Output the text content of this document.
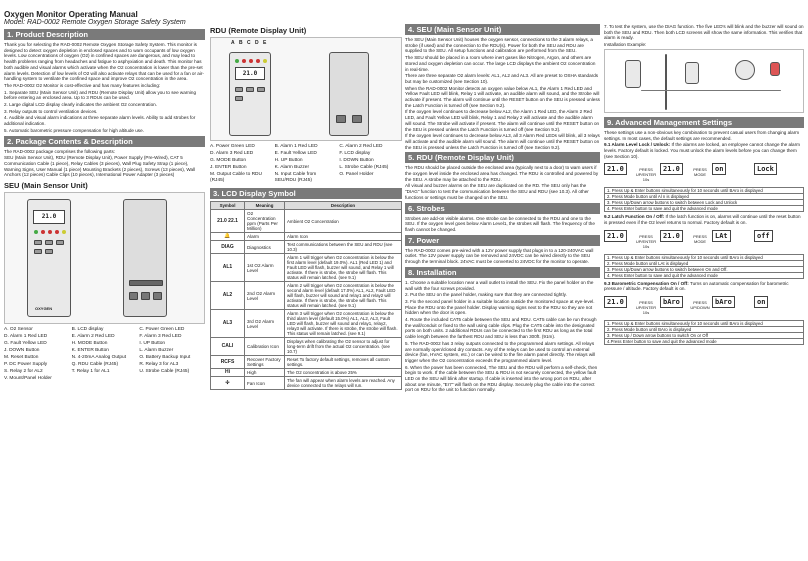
Oxygen Monitor Operating Manual
Model: RAD-0002 Remote Oxygen Storage Safety System
1. Product Description
Thank you for selecting the RAD-0002 Remote Oxygen Storage Safety System. This monitor is designed to detect oxygen depletion in enclosed spaces and to warn occupants of low oxygen levels. Low concentrations of oxygen (O2) in confined spaces are dangerous, and may lead to health problems ranging from headaches and fatigue to asphyxiation and death. This monitor has both audible and visual alarms which activate when the O2 concentration is lower than the pre-set alarm levels. Detection of low levels of O2 will also activate relays that can be used for a fan or air-handling system to ventilate the confined space and improve O2 concentration in the area.
The RAD-0002 O2 Monitor is cost-effective and has many features including:
1. Separate SEU (Main Sensor Unit) and RDU (Remote Display Unit) allow you to see warning before entering an enclosed area. Up to 3 RDUs can be used.
2. Large digital LCD display clearly indicates the ambient O2 concentration.
3. Relay outputs to control ventilation devices.
4. Audible and visual alarm indications at three separate alarm levels. Ability to add strobes for additional indication.
5. Automatic barometric pressure compensation for high altitude use.
2. Package Contents & Description
The RAD-0002 package comprises the following parts:
SEU (Main Sensor Unit), RDU (Remote Display Unit), Power Supply (Pre-Wired), CAT 5 Communication Cable (1 piece), Relay Cables (3 pieces), Wall Plug Safety Strap (1 piece), Warning Signs, User Manual (1 piece) Mounting Brackets (2 pieces), Screws (13 pieces), Wall Anchors (12 pieces) Cable Clips (10 pieces), International Power Adapter (3 pieces)
SEU (Main Sensor Unit)
21.0
OXYGEN
A. O2 Sensor	B. LCD display	C. Power Green LED
D. Alarm 1 Red LED	E. Alarm 2 Red LED	F. Alarm 3 Red LED
G. Fault Yellow LED	H. MODE Button	I. UP Button
J. DOWN Button	K. ENTER Button	L. Alarm Buzzer
M. Reset Button	N. 4-20mA Analog Output	O. Battery Backup Input
P. DC Power Supply	Q. RDU Cable (RJ45)	R. Relay 3 for AL3
S. Relay 2 for AL2	T. Relay 1 for AL1	U. Strobe Cable (RJ45)
V. Mount/Panel Holder
RDU (Remote Display Unit)
21.0
A B C D E
A. Power Green LED	B. Alarm 1 Red LED	C. Alarm 2 Red LED
D. Alarm 3 Red LED	E. Fault Yellow LED	F. LCD display
G. MODE Button	H. UP Button	I. DOWN Button
J. ENTER Button	K. Alarm Buzzer	L. Strobe Cable (RJ45)
M. Output Cable to RDU (RJ45)
N. Input Cable from SEU/RDU (RJ45)
O. Panel Holder
3. LCD Display Symbol
Symbol	Meaning	Description
21.0 22.1	O2 Concentration ppm (Parts Per Million)	Ambient O2 Concentration
🔔	Alarm	Alarm Icon
DIAG	Diagnostics	Test communications between the SEU and RDU (see 10.3)
AL1	1st O2 Alarm Level	Alarm 1 will trigger when O2 concentration is below the first alarm level (default 19.0%). AL1 (Red LED 1) and Fault LED will flash, buzzer will sound, and Relay 1 will activate. If there is strobe, the strobe will flash. This status will remain latched. (see 9.1)
AL2	2nd O2 Alarm Level	Alarm 2 will trigger when O2 concentration is below the second alarm level (default 17.0%) AL1, AL2, Fault LED will flash, buzzer will sound and relay1 and relay2 will activate. If there is strobe, the strobe will flash. This status will remain latched. (see 9.1)
AL3	3rd O2 Alarm Level	Alarm 3 will trigger when O2 concentration is below the third alarm level (default 15.0%) AL1, AL2, AL3, Fault LED will flash, buzzer will sound and relay1, relay2, relay3 will activate. If there is strobe, the strobe will flash. This status will remain latched. (see 9.1)
CALI	Calibration Icon	Displays when calibrating the O2 sensor to adjust for long-term drift from the actual O2 concentration. (see 10.7)
RCFS	Recover Factory Settings	Reset To factory default settings, removes all custom settings.
Hi	High	The O2 concentration is above 25%
✣	Fan Icon	The fan will appear when alarm levels are reached. Any device connected to the relays will run.
4. SEU (Main Sensor Unit)
The SEU (Main Sensor Unit) houses the oxygen sensor, connections to the 3 alarm relays, a strobe (if used) and the connection to the RDU(s). Power for both the SEU and RDU are supplied to the SEU. All setup functions and calibration are performed from the SEU.
The SEU should be placed in a room where inert gases like Nitrogen, Argon, and others are stored and oxygen depletion can occur. The large LCD displays the ambient O2 concentration in real-time.
There are three separate O2 alarm levels: AL1, AL2 and AL3. All are preset to OSHA standards but may be customized (see Section 10).
When the RAD-0002 Monitor detects an oxygen value below AL1, the Alarm 1 Red LED and Yellow Fault LED will blink, Relay 1 will activate, an audible alarm will sound, and the Strobe will activate if present. The alarm will continue until the RESET button on the SEU is pressed unless the Latch Function is turned off (see Section 9.2).
If the oxygen level continues to decrease below AL2, the Alarm 1 Red LED, the Alarm 2 Red LED, and Fault Yellow LED will blink, Relay 1 and Relay 2 will activate and the audible alarm will sound. The Strobe will activate if present. The alarm will continue until the RESET button on the SEU is pressed unless the Latch Function is turned off (see Section 9.2).
If the oxygen level continues to decrease below AL3, all 3 Alarm Red LEDs will blink, all 3 relays will activate and the audible alarm will sound. The alarm will continue until the RESET button on the SEU is pressed unless the Latch Function is turned off (see Section 9.2).
5. RDU (Remote Display Unit)
The RDU should be placed outside the enclosed area (typically next to a door) to warn users if the oxygen level inside the enclosed area has changed. The RDU is controlled and powered by the SEU. A strobe may be attached to the RDU.
All visual and buzzer alarms on the SEU are duplicated on the RD. The SEU only has the "DIAG" function to test the communication between the SEU and RDU (see 10.3). All other functions or settings must be changed on the SEU.
6. Strobes
Strobes are add-on visible alarms. One strobe can be connected to the RDU and one to the SEU. If the oxygen level goes below Alarm Level1, the strobes will flash. The frequency of the flash cannot be changed.
7. Power
The RAD-0002 comes pre-wired with a 12V power supply that plugs in to a 120-240VAC wall outlet. The 12V power supply can be removed and 24VDC can be wired directly to the SEU through the terminal block. 24VAC must be converted to 24VDC for the monitor to operate.
8. Installation
1. Choose a suitable location near a wall outlet to install the SEU. Fix the panel holder on the wall with the four screws provided.
2. Put the SEU on the panel holder, making sure that they are connected tightly.
3. Fix the second panel holder in a suitable location outside the monitored space at eye-level. Place the RDU onto the panel holder. Display warning signs next to the RDU so they are not hidden when the door is open.
4. Route the included CAT5 cable between the SEU and RDU. CAT5 cable can be run through the wall/conduit or fixed to the wall using cable clips. Plug the CAT5 cable into the designated ports on both units. 2 additional RDUs can be connected to the first RDU as long as the total cable length between the farthest RDU and SEU is less than 300ft. (91m).
5. The RAD-0002 has 3 relay outputs connected to the programmed alarm settings. All relays are normally open/closed dry contacts. Any of the relays can be used to control an external device (fan, HVAC system, etc.) or can be wired to the fire alarm panel directly. The relays will trigger when the O2 concentration exceeds the programmed alarm level.
6. When the power has been connected, The SEU and the RDU will perform a self-check, then begin to work. If the cable between the SEU & RDU is not securely connected, the yellow fault LED on the SEU will blink after startup. If cable is inserted into the wrong port on RDU, after about one minute, "Er7" will flash on the RDU display. Securely plug the cable into the correct port on RDU for the unit to function normally.
7. To test the system, use the DIAG function. The five LED's will blink and the buzzer will sound on both the SEU and RDU. Then both LCD screens will show the same information. This verifies that alarm is ready.
Installation Example:
9. Advanced Management Settings
These settings use a non-obvious key combination to prevent casual users from changing alarm settings. In most cases, the default settings are recommended.
9.1 Alarm Level Lock / Unlock: If the alarms are locked, an employee cannot change the alarm levels. Factory default is locked. You must unlock the alarm levels before you can change them (see Section 10).
21.0	PRESS UP/ENTER 10s
21.0	PRESS MODE
on	Lock
1. Press Up & Enter buttons simultaneously for 10 seconds until BAro is displayed
2. Press Mode button until Al n is displayed
3. Press Up/Down arrow buttons to switch between Lock and Unlock
4. Press Enter button to save and quit the advanced mode
9.2 Latch Function On / Off: If the latch function is on, alarms will continue until the reset button is pressed even if the O2 level returns to normal. Factory default is on.
21.0	PRESS UP/ENTER 10s
21.0	PRESS MODE
LAt	off
1. Press Up & Enter buttons simultaneously for 10 seconds until BAro is displayed
2. Press Mode button until LAt is displayed
3. Press Up/Down arrow buttons to switch between On and Off.
4. Press Enter button to save and quit the advanced mode
9.3 Barometric Compensation On / Off: Turns on automatic compensation for barometric pressure / altitude. Factory default is on.
21.0	PRESS UP/ENTER 10s
bAro	PRESS UP/DOWN
bAro	on
1. Press Up & Enter buttons simultaneously for 10 seconds until BAro is displayed
2. Press Mode button until BAro is displayed
3. Press Up / Down arrow buttons to switch On or Off
4.Press Enter button to save and quit the advanced mode
